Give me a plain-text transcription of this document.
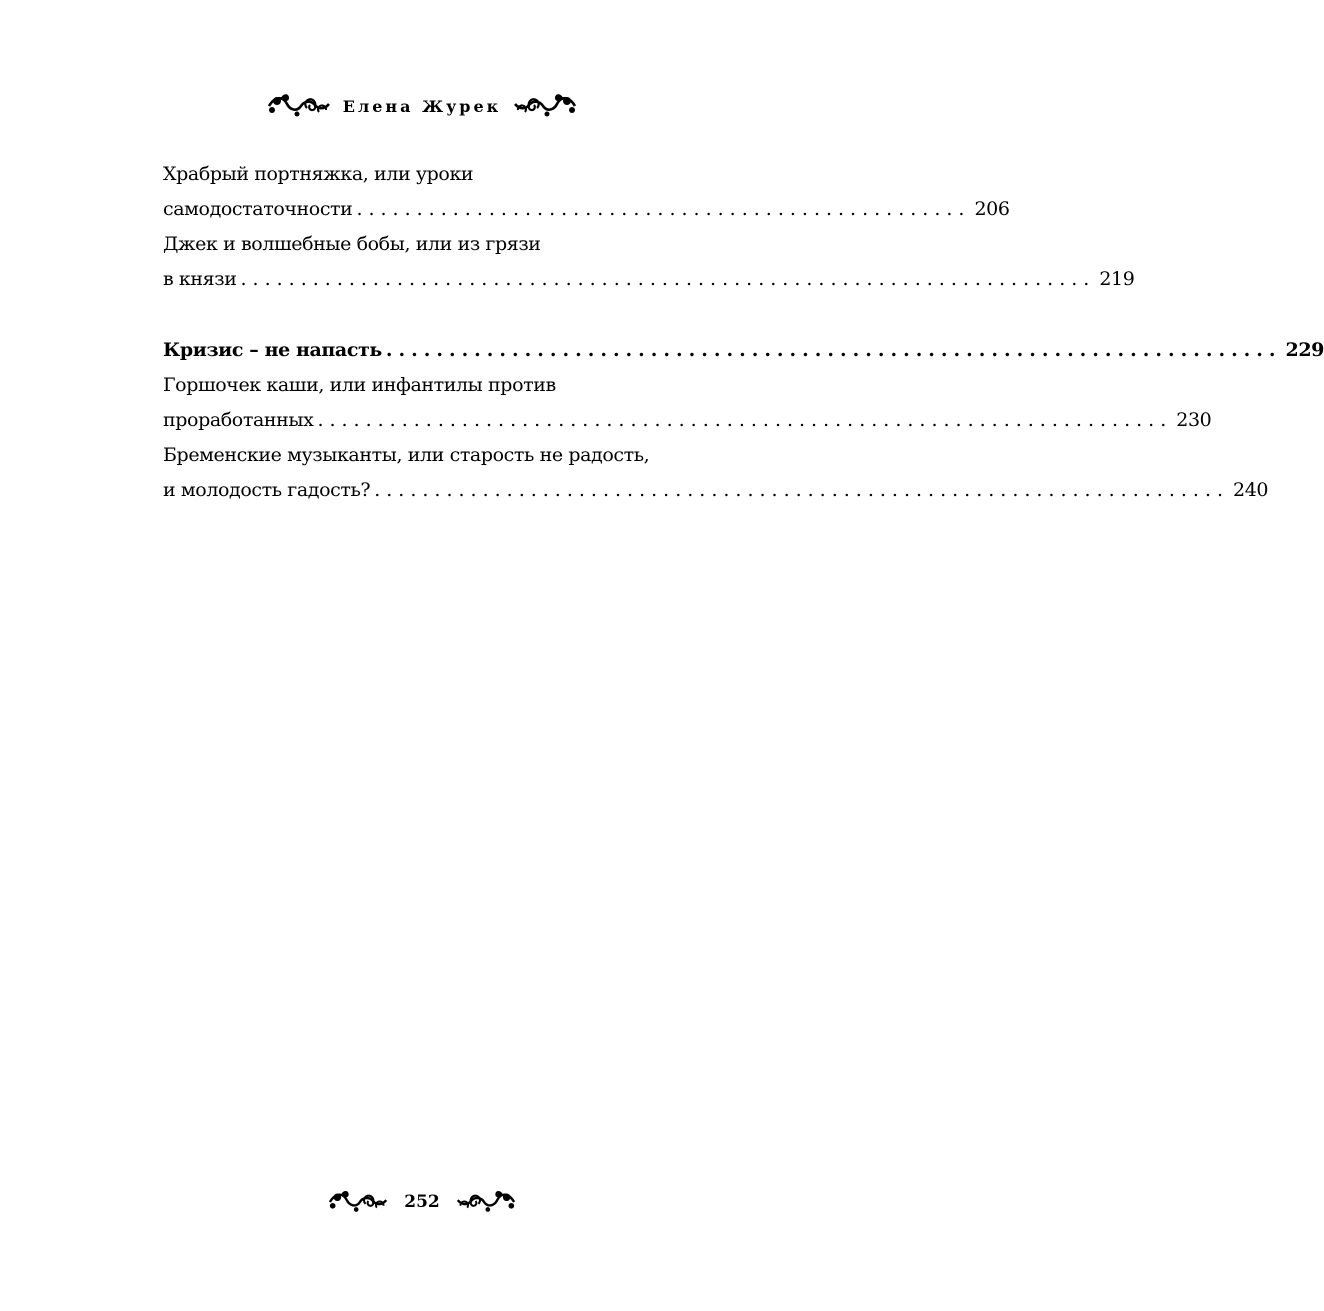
Елена Журек
Храбрый портняжка, или уроки
самодостаточности ................................................... 206
Джек и волшебные бобы, или из грязи
в князи ....................................................................... 219
Кризис – не напасть ....................................................................... 229
Горшочек каши, или инфантилы против
проработанных ....................................................................... 230
Бременские музыканты, или старость не радость,
и молодость гадость? ....................................................................... 240
252
